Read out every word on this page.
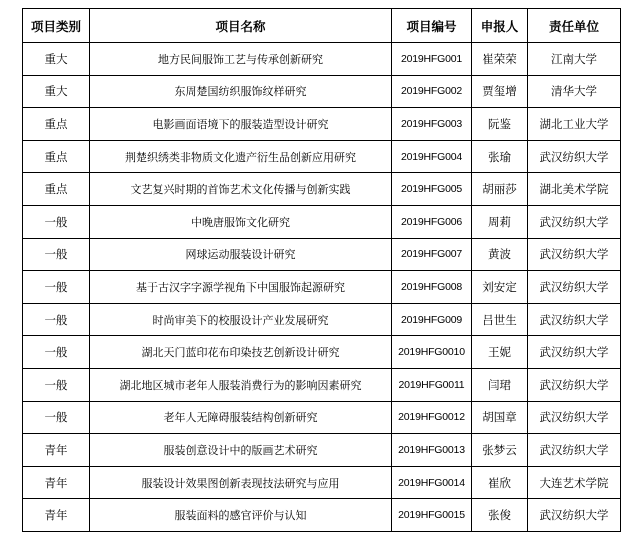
项目类别	项目名称	项目编号	申报人	责任单位
重大	地方民间服饰工艺与传承创新研究	2019HFG001	崔荣荣	江南大学
重大	东周楚国纺织服饰纹样研究	2019HFG002	贾玺增	清华大学
重点	电影画面语境下的服装造型设计研究	2019HFG003	阮鉴	湖北工业大学
重点	荆楚织绣类非物质文化遗产衍生品创新应用研究	2019HFG004	张瑜	武汉纺织大学
重点	文艺复兴时期的首饰艺术文化传播与创新实践	2019HFG005	胡丽莎	湖北美术学院
一般	中晚唐服饰文化研究	2019HFG006	周莉	武汉纺织大学
一般	网球运动服装设计研究	2019HFG007	黄波	武汉纺织大学
一般	基于古汉字字源学视角下中国服饰起源研究	2019HFG008	刘安定	武汉纺织大学
一般	时尚审美下的校服设计产业发展研究	2019HFG009	吕世生	武汉纺织大学
一般	湖北天门蓝印花布印染技艺创新设计研究	2019HFG0010	王妮	武汉纺织大学
一般	湖北地区城市老年人服装消费行为的影响因素研究	2019HFG0011	闫珺	武汉纺织大学
一般	老年人无障碍服装结构创新研究	2019HFG0012	胡国章	武汉纺织大学
青年	服装创意设计中的版画艺术研究	2019HFG0013	张梦云	武汉纺织大学
青年	服装设计效果图创新表现技法研究与应用	2019HFG0014	崔欣	大连艺术学院
青年	服装面料的感官评价与认知	2019HFG0015	张俊	武汉纺织大学
